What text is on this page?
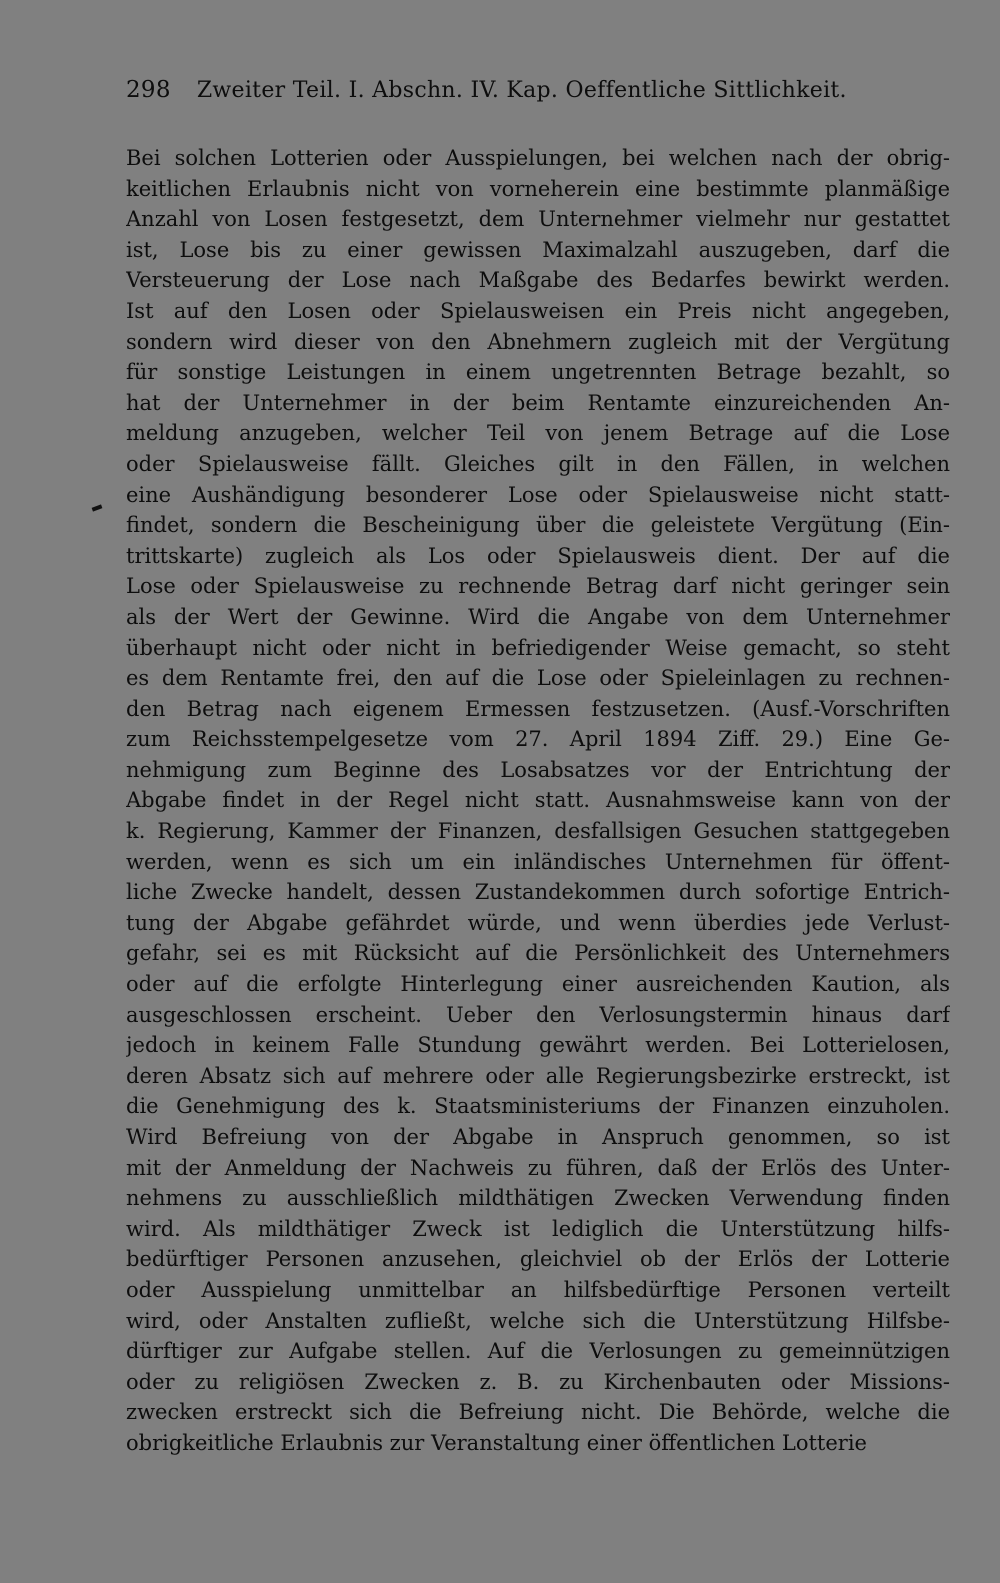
298 Zweiter Teil. I. Abschn. IV. Kap. Oeffentliche Sittlichkeit.
Bei solchen Lotterien oder Ausspielungen, bei welchen nach der obrig-
keitlichen Erlaubnis nicht von vorneherein eine bestimmte planmäßige
Anzahl von Losen festgesetzt, dem Unternehmer vielmehr nur gestattet
ist, Lose bis zu einer gewissen Maximalzahl auszugeben, darf die
Versteuerung der Lose nach Maßgabe des Bedarfes bewirkt werden.
Ist auf den Losen oder Spielausweisen ein Preis nicht angegeben,
sondern wird dieser von den Abnehmern zugleich mit der Vergütung
für sonstige Leistungen in einem ungetrennten Betrage bezahlt, so
hat der Unternehmer in der beim Rentamte einzureichenden An-
meldung anzugeben, welcher Teil von jenem Betrage auf die Lose
oder Spielausweise fällt. Gleiches gilt in den Fällen, in welchen
eine Aushändigung besonderer Lose oder Spielausweise nicht statt-
findet, sondern die Bescheinigung über die geleistete Vergütung (Ein-
trittskarte) zugleich als Los oder Spielausweis dient. Der auf die
Lose oder Spielausweise zu rechnende Betrag darf nicht geringer sein
als der Wert der Gewinne. Wird die Angabe von dem Unternehmer
überhaupt nicht oder nicht in befriedigender Weise gemacht, so steht
es dem Rentamte frei, den auf die Lose oder Spieleinlagen zu rechnen-
den Betrag nach eigenem Ermessen festzusetzen. (Ausf.-Vorschriften
zum Reichsstempelgesetze vom 27. April 1894 Ziff. 29.) Eine Ge-
nehmigung zum Beginne des Losabsatzes vor der Entrichtung der
Abgabe findet in der Regel nicht statt. Ausnahmsweise kann von der
k. Regierung, Kammer der Finanzen, desfallsigen Gesuchen stattgegeben
werden, wenn es sich um ein inländisches Unternehmen für öffent-
liche Zwecke handelt, dessen Zustandekommen durch sofortige Entrich-
tung der Abgabe gefährdet würde, und wenn überdies jede Verlust-
gefahr, sei es mit Rücksicht auf die Persönlichkeit des Unternehmers
oder auf die erfolgte Hinterlegung einer ausreichenden Kaution, als
ausgeschlossen erscheint. Ueber den Verlosungstermin hinaus darf
jedoch in keinem Falle Stundung gewährt werden. Bei Lotterielosen,
deren Absatz sich auf mehrere oder alle Regierungsbezirke erstreckt, ist
die Genehmigung des k. Staatsministeriums der Finanzen einzuholen.
Wird Befreiung von der Abgabe in Anspruch genommen, so ist
mit der Anmeldung der Nachweis zu führen, daß der Erlös des Unter-
nehmens zu ausschließlich mildthätigen Zwecken Verwendung finden
wird. Als mildthätiger Zweck ist lediglich die Unterstützung hilfs-
bedürftiger Personen anzusehen, gleichviel ob der Erlös der Lotterie
oder Ausspielung unmittelbar an hilfsbedürftige Personen verteilt
wird, oder Anstalten zufließt, welche sich die Unterstützung Hilfsbe-
dürftiger zur Aufgabe stellen. Auf die Verlosungen zu gemeinnützigen
oder zu religiösen Zwecken z. B. zu Kirchenbauten oder Missions-
zwecken erstreckt sich die Befreiung nicht. Die Behörde, welche die
obrigkeitliche Erlaubnis zur Veranstaltung einer öffentlichen Lotterie
